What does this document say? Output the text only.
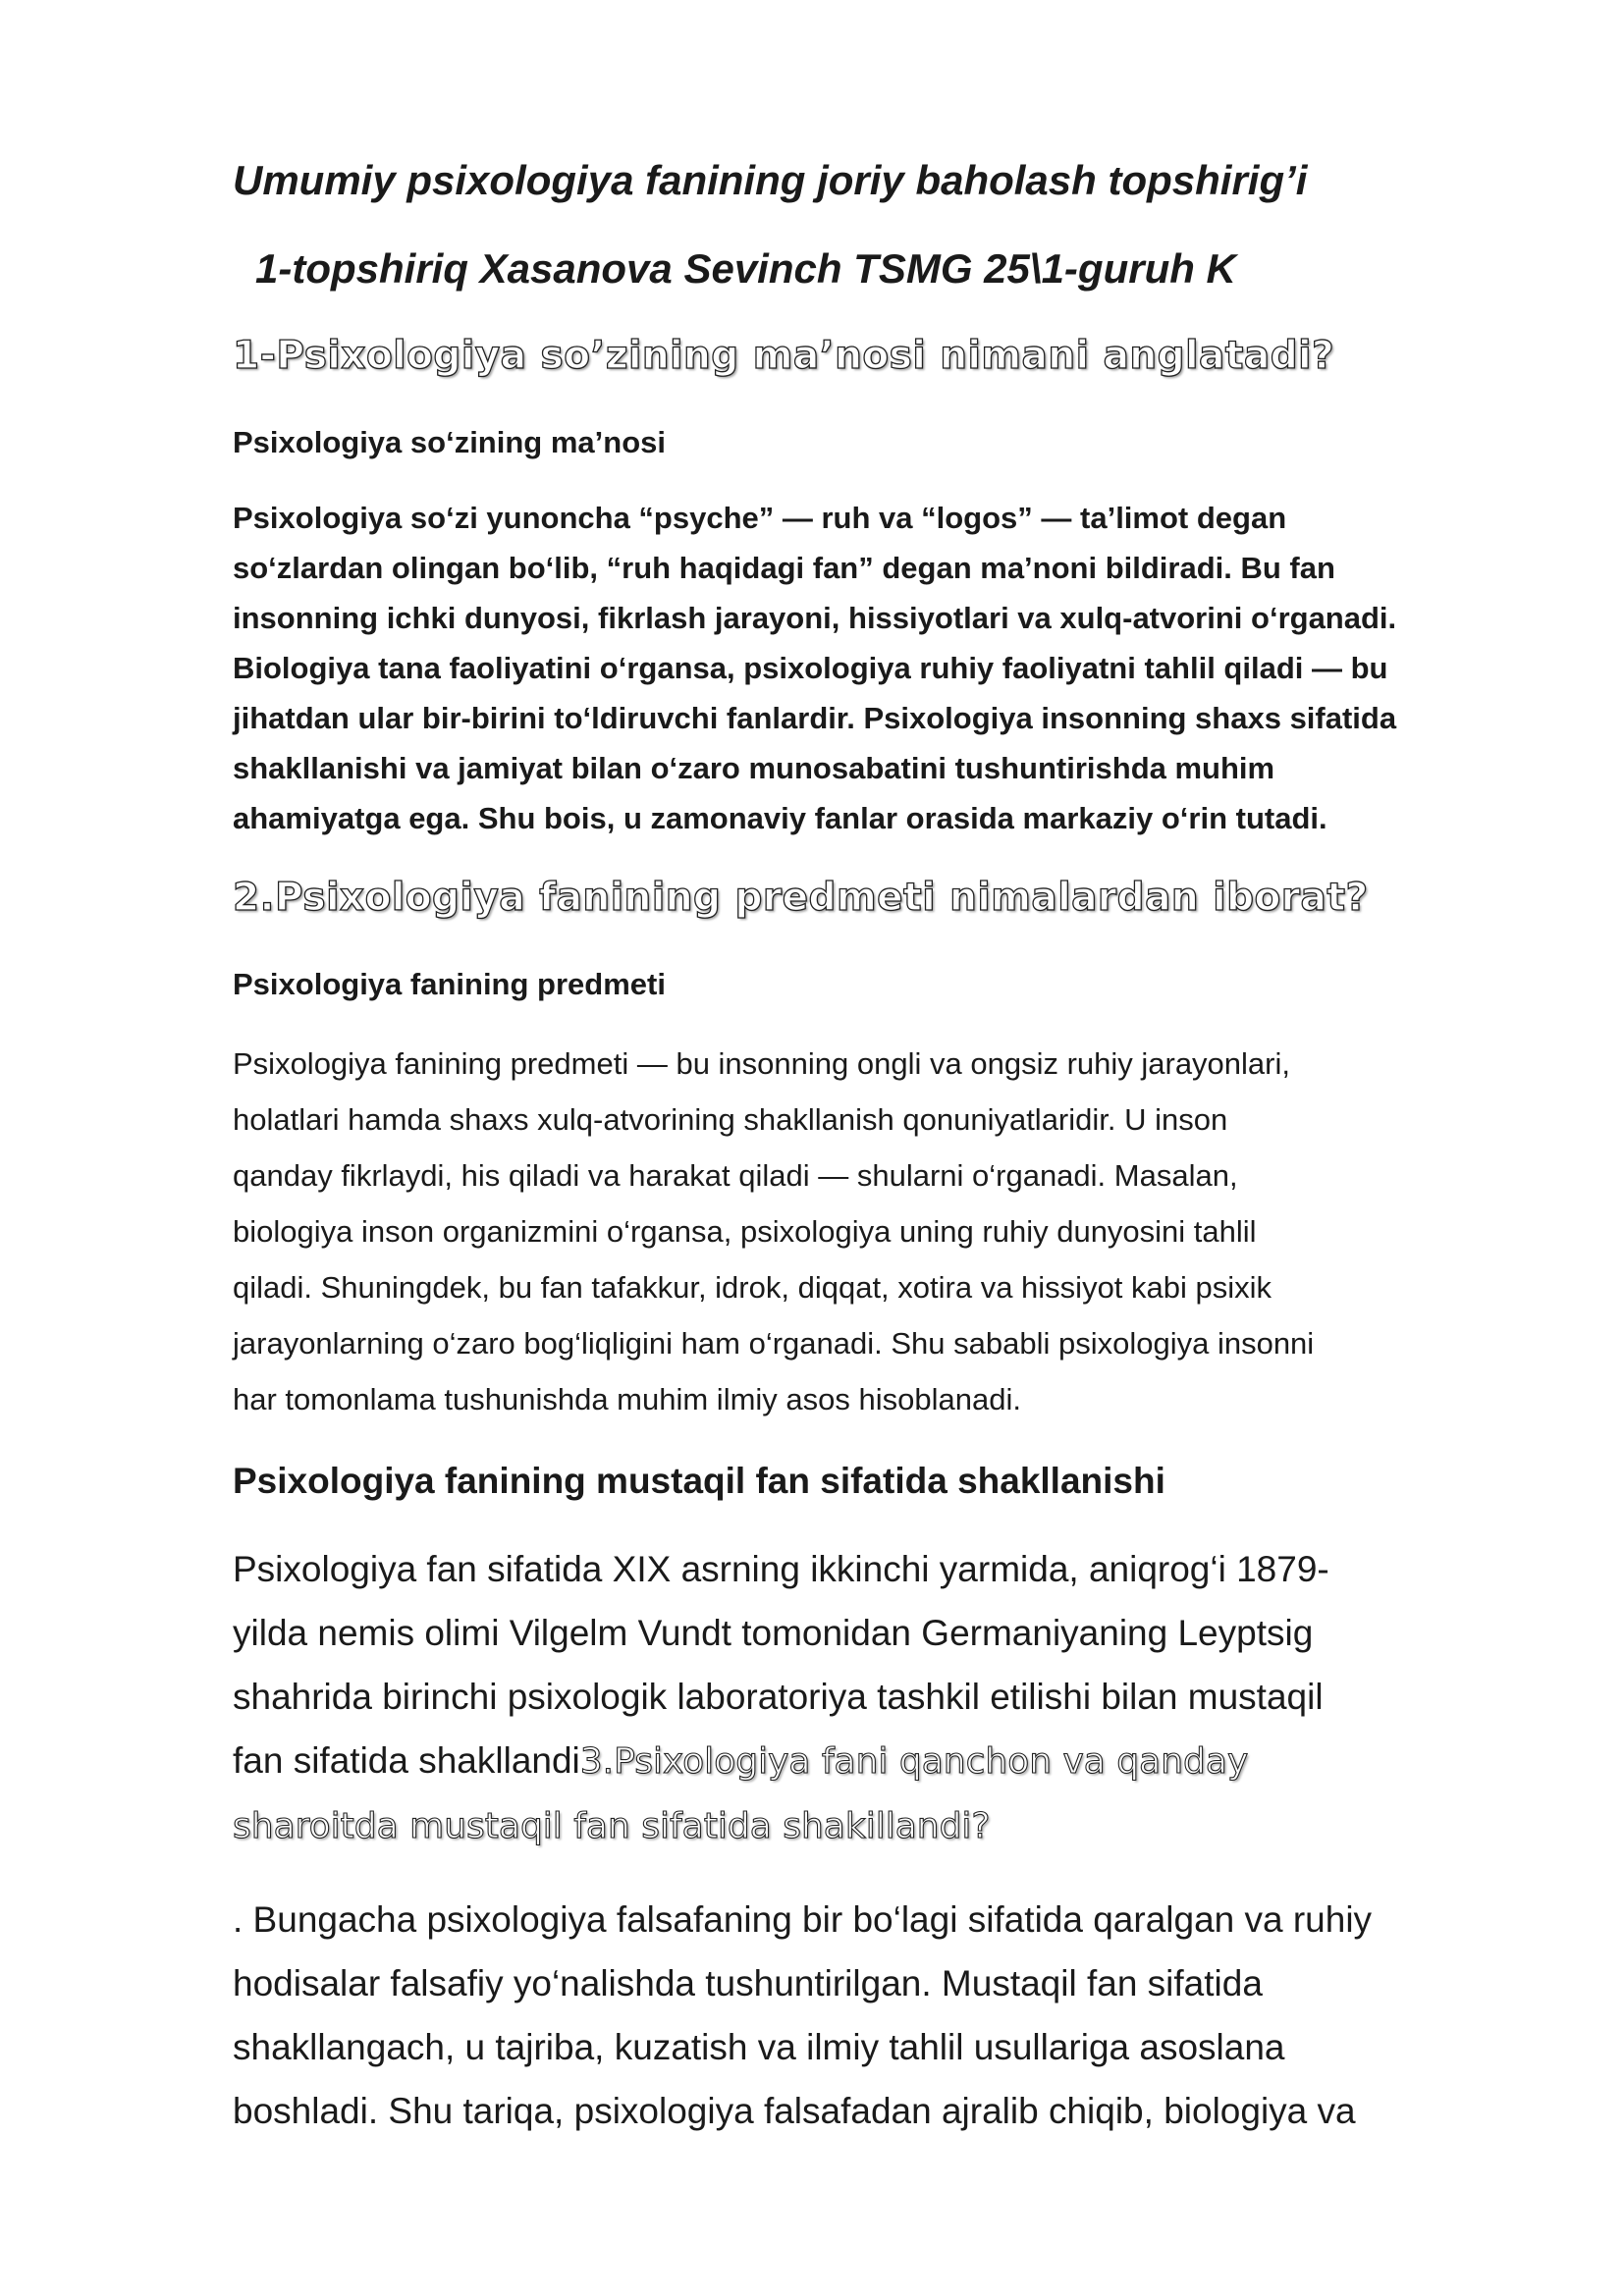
Umumiy psixologiya fanining joriy baholash topshirig’i
1-topshiriq Xasanova Sevinch TSMG 25\1-guruh K
1-Psixologiya so’zining ma’nosi nimani anglatadi?
Psixologiya so‘zining ma’nosi

Psixologiya so‘zi yunoncha “psyche” — ruh va “logos” — ta’limot degan
so‘zlardan olingan bo‘lib, “ruh haqidagi fan” degan ma’noni bildiradi. Bu fan
insonning ichki dunyosi, fikrlash jarayoni, hissiyotlari va xulq-atvorini o‘rganadi.
Biologiya tana faoliyatini o‘rgansa, psixologiya ruhiy faoliyatni tahlil qiladi — bu
jihatdan ular bir-birini to‘ldiruvchi fanlardir. Psixologiya insonning shaxs sifatida
shakllanishi va jamiyat bilan o‘zaro munosabatini tushuntirishda muhim
ahamiyatga ega. Shu bois, u zamonaviy fanlar orasida markaziy o‘rin tutadi.

2.Psixologiya fanining predmeti nimalardan iborat?
Psixologiya fanining predmeti

Psixologiya fanining predmeti — bu insonning ongli va ongsiz ruhiy jarayonlari,
holatlari hamda shaxs xulq-atvorining shakllanish qonuniyatlaridir. U inson
qanday fikrlaydi, his qiladi va harakat qiladi — shularni o‘rganadi. Masalan,
biologiya inson organizmini o‘rgansa, psixologiya uning ruhiy dunyosini tahlil
qiladi. Shuningdek, bu fan tafakkur, idrok, diqqat, xotira va hissiyot kabi psixik
jarayonlarning o‘zaro bog‘liqligini ham o‘rganadi. Shu sababli psixologiya insonni
har tomonlama tushunishda muhim ilmiy asos hisoblanadi.

Psixologiya fanining mustaqil fan sifatida shakllanishi

Psixologiya fan sifatida XIX asrning ikkinchi yarmida, aniqrog‘i 1879-
yilda nemis olimi Vilgelm Vundt tomonidan Germaniyaning Leyptsig
shahrida birinchi psixologik laboratoriya tashkil etilishi bilan mustaqil
fan sifatida shakllandi3.Psixologiya fani qanchon va qanday
sharoitda mustaqil fan sifatida shakillandi?

. Bungacha psixologiya falsafaning bir bo‘lagi sifatida qaralgan va ruhiy
hodisalar falsafiy yo‘nalishda tushuntirilgan. Mustaqil fan sifatida
shakllangach, u tajriba, kuzatish va ilmiy tahlil usullariga asoslana
boshladi. Shu tariqa, psixologiya falsafadan ajralib chiqib, biologiya va
